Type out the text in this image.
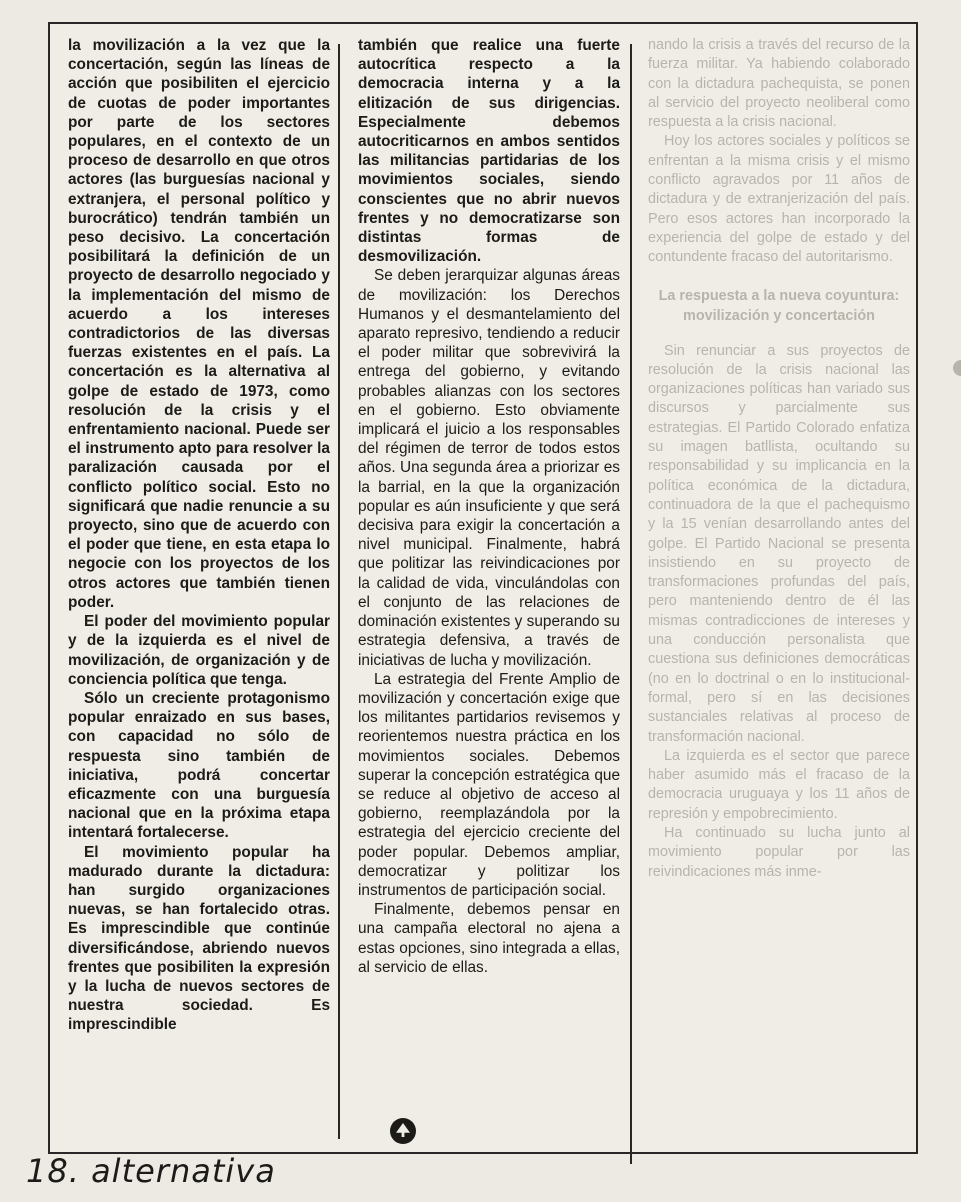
la movilización a la vez que la concertación, según las líneas de acción que posibiliten el ejercicio de cuotas de poder importantes por parte de los sectores populares, en el contexto de un proceso de desarrollo en que otros actores (las burguesías nacional y extranjera, el personal político y burocrático) tendrán también un peso decisivo. La concertación posibilitará la definición de un proyecto de desarrollo negociado y la implementación del mismo de acuerdo a los intereses contradictorios de las diversas fuerzas existentes en el país. La concertación es la alternativa al golpe de estado de 1973, como resolución de la crisis y el enfrentamiento nacional. Puede ser el instrumento apto para resolver la paralización causada por el conflicto político social. Esto no significará que nadie renuncie a su proyecto, sino que de acuerdo con el poder que tiene, en esta etapa lo negocie con los proyectos de los otros actores que también tienen poder.

El poder del movimiento popular y de la izquierda es el nivel de movilización, de organización y de conciencia política que tenga.

Sólo un creciente protagonismo popular enraizado en sus bases, con capacidad no sólo de respuesta sino también de iniciativa, podrá concertar eficazmente con una burguesía nacional que en la próxima etapa intentará fortalecerse.

El movimiento popular ha madurado durante la dictadura: han surgido organizaciones nuevas, se han fortalecido otras. Es imprescindible que continúe diversificándose, abriendo nuevos frentes que posibiliten la expresión y la lucha de nuevos sectores de nuestra sociedad. Es imprescindible

también que realice una fuerte autocrítica respecto a la democracia interna y a la elitización de sus dirigencias. Especialmente debemos autocriticarnos en ambos sentidos las militancias partidarias de los movimientos sociales, siendo conscientes que no abrir nuevos frentes y no democratizarse son distintas formas de desmovilización.

Se deben jerarquizar algunas áreas de movilización: los Derechos Humanos y el desmantelamiento del aparato represivo, tendiendo a reducir el poder militar que sobrevivirá la entrega del gobierno, y evitando probables alianzas con los sectores en el gobierno. Esto obviamente implicará el juicio a los responsables del régimen de terror de todos estos años. Una segunda área a priorizar es la barrial, en la que la organización popular es aún insuficiente y que será decisiva para exigir la concertación a nivel municipal. Finalmente, habrá que politizar las reivindicaciones por la calidad de vida, vinculándolas con el conjunto de las relaciones de dominación existentes y superando su estrategia defensiva, a través de iniciativas de lucha y movilización.

La estrategia del Frente Amplio de movilización y concertación exige que los militantes partidarios revisemos y reorientemos nuestra práctica en los movimientos sociales. Debemos superar la concepción estratégica que se reduce al objetivo de acceso al gobierno, reemplazándola por la estrategia del ejercicio creciente del poder popular. Debemos ampliar, democratizar y politizar los instrumentos de participación social.

Finalmente, debemos pensar en una campaña electoral no ajena a estas opciones, sino integrada a ellas, al servicio de ellas.

nando la crisis a través del recurso de la fuerza militar. Ya habiendo colaborado con la dictadura pachequista, se ponen al servicio del proyecto neoliberal como respuesta a la crisis nacional.

Hoy los actores sociales y políticos se enfrentan a la misma crisis y el mismo conflicto agravados por 11 años de dictadura y de extranjerización del país. Pero esos actores han incorporado la experiencia del golpe de estado y del contundente fracaso del autoritarismo.

La respuesta a la nueva coyuntura: movilización y concertación

Sin renunciar a sus proyectos de resolución de la crisis nacional las organizaciones políticas han variado sus discursos y parcialmente sus estrategias. El Partido Colorado enfatiza su imagen batllista, ocultando su responsabilidad y su implicancia en la política económica de la dictadura, continuadora de la que el pachequismo y la 15 venían desarrollando antes del golpe. El Partido Nacional se presenta insistiendo en su proyecto de transformaciones profundas del país, pero manteniendo dentro de él las mismas contradicciones de intereses y una conducción personalista que cuestiona sus definiciones democráticas (no en lo doctrinal o en lo institucional-formal, pero sí en las decisiones sustanciales relativas al proceso de transformación nacional.

La izquierda es el sector que parece haber asumido más el fracaso de la democracia uruguaya y los 11 años de represión y empobrecimiento.

Ha continuado su lucha junto al movimiento popular por las reivindicaciones más inme-

18. alternativa
